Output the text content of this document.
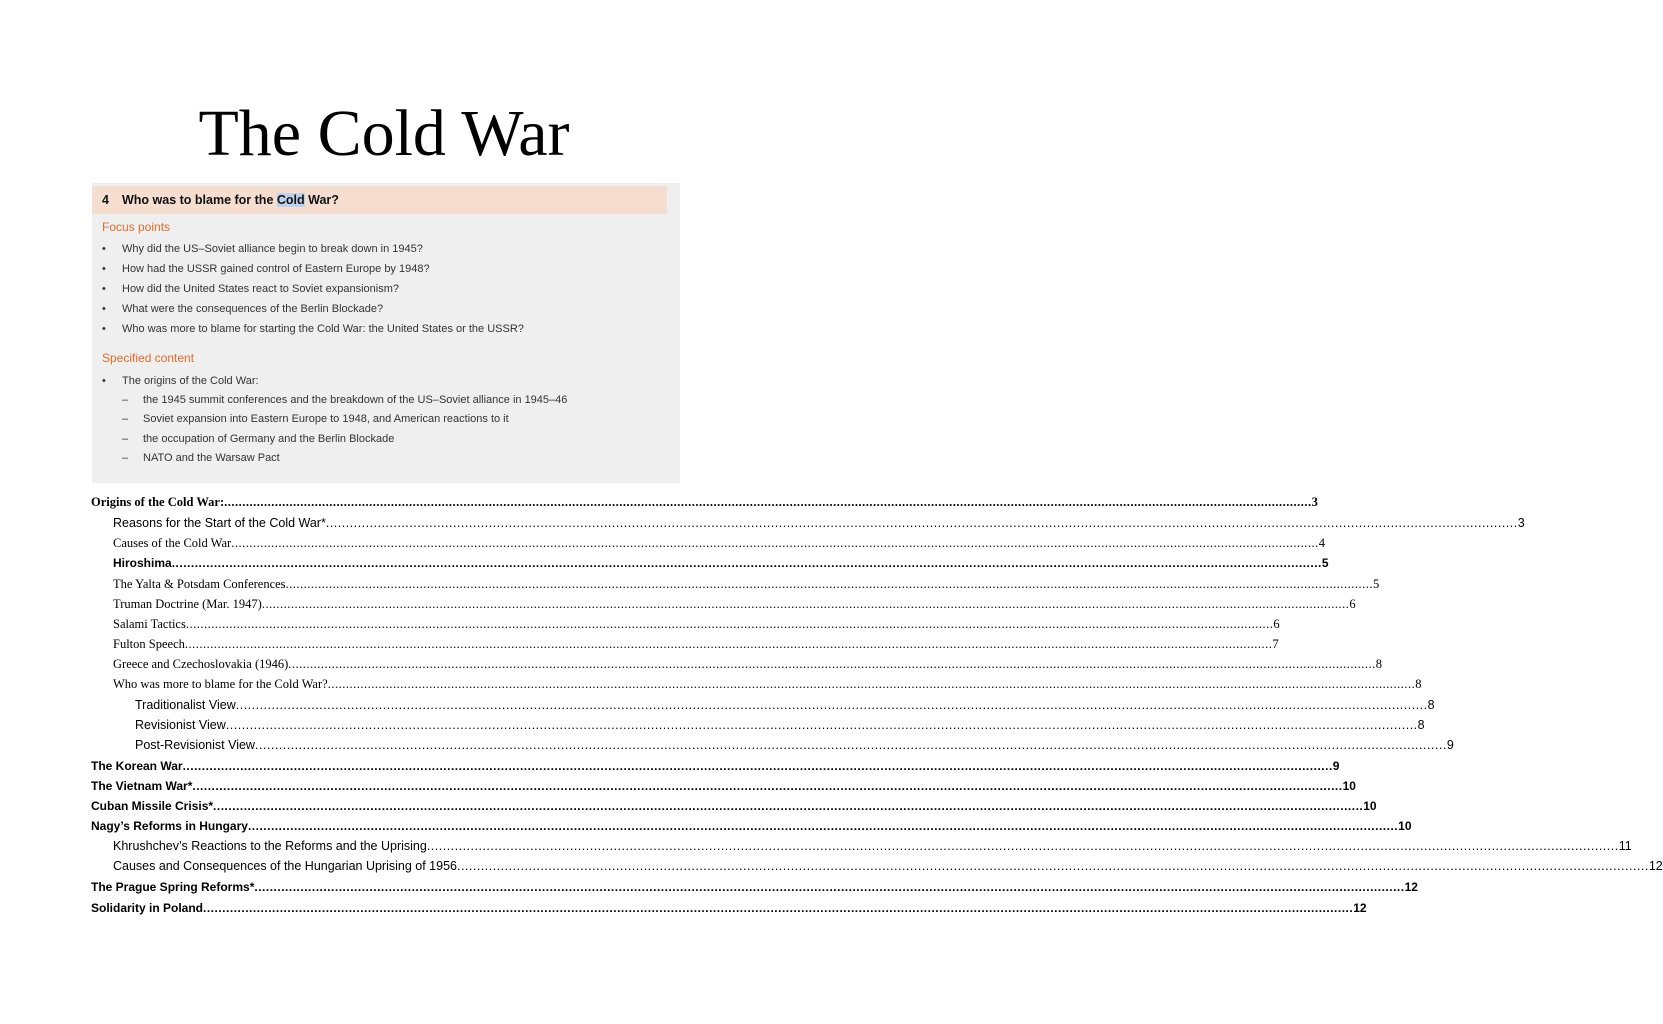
The Cold War
4 Who was to blame for the Cold War?
Focus points
• Why did the US–Soviet alliance begin to break down in 1945?
• How had the USSR gained control of Eastern Europe by 1948?
• How did the United States react to Soviet expansionism?
• What were the consequences of the Berlin Blockade?
• Who was more to blame for starting the Cold War: the United States or the USSR?
Specified content
• The origins of the Cold War:
– the 1945 summit conferences and the breakdown of the US–Soviet alliance in 1945–46
– Soviet expansion into Eastern Europe to 1948, and American reactions to it
– the occupation of Germany and the Berlin Blockade
– NATO and the Warsaw Pact
Origins of the Cold War: ............................................................................................................................................................................................................................................................................................................ 3
Reasons for the Start of the Cold War* ............................................................................................................................................................................................................................................................................................................ 3
Causes of the Cold War ............................................................................................................................................................................................................................................................................................................ 4
Hiroshima ............................................................................................................................................................................................................................................................................................................ 5
The Yalta & Potsdam Conferences ............................................................................................................................................................................................................................................................................................................ 5
Truman Doctrine (Mar. 1947) ............................................................................................................................................................................................................................................................................................................ 6
Salami Tactics ............................................................................................................................................................................................................................................................................................................ 6
Fulton Speech ............................................................................................................................................................................................................................................................................................................ 7
Greece and Czechoslovakia (1946) ............................................................................................................................................................................................................................................................................................................ 8
Who was more to blame for the Cold War? ............................................................................................................................................................................................................................................................................................................ 8
Traditionalist View ............................................................................................................................................................................................................................................................................................................ 8
Revisionist View ............................................................................................................................................................................................................................................................................................................ 8
Post-Revisionist View ............................................................................................................................................................................................................................................................................................................ 9
The Korean War ............................................................................................................................................................................................................................................................................................................ 9
The Vietnam War* ............................................................................................................................................................................................................................................................................................................ 10
Cuban Missile Crisis* ............................................................................................................................................................................................................................................................................................................ 10
Nagy’s Reforms in Hungary ............................................................................................................................................................................................................................................................................................................ 10
Khrushchev’s Reactions to the Reforms and the Uprising ............................................................................................................................................................................................................................................................................................................ 11
Causes and Consequences of the Hungarian Uprising of 1956 ............................................................................................................................................................................................................................................................................................................ 12
The Prague Spring Reforms* ............................................................................................................................................................................................................................................................................................................ 12
Solidarity in Poland ............................................................................................................................................................................................................................................................................................................ 12
